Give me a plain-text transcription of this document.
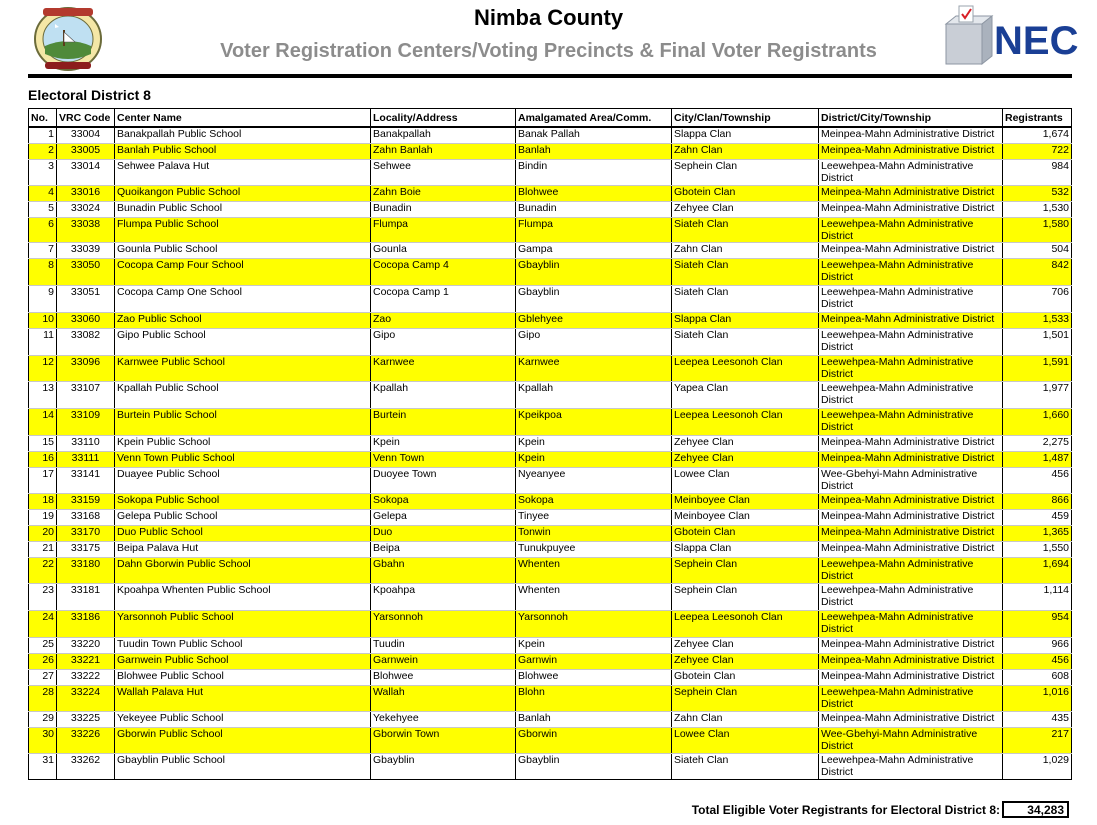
NEC
Nimba County
Voter Registration Centers/Voting Precincts & Final Voter Registrants
Electoral District 8
No.	VRC Code	Center Name	Locality/Address	Amalgamated Area/Comm.	City/Clan/Township	District/City/Township	Registrants
1	33004	Banakpallah Public School	Banakpallah	Banak Pallah	Slappa Clan	Meinpea-Mahn Administrative District	1,674
2	33005	Banlah Public School	Zahn Banlah	Banlah	Zahn Clan	Meinpea-Mahn Administrative District	722
3	33014	Sehwee Palava Hut	Sehwee	Bindin	Sephein Clan	Leewehpea-Mahn Administrative District	984
4	33016	Quoikangon Public School	Zahn Boie	Blohwee	Gbotein Clan	Meinpea-Mahn Administrative District	532
5	33024	Bunadin Public School	Bunadin	Bunadin	Zehyee Clan	Meinpea-Mahn Administrative District	1,530
6	33038	Flumpa Public School	Flumpa	Flumpa	Siateh Clan	Leewehpea-Mahn Administrative District	1,580
7	33039	Gounla Public School	Gounla	Gampa	Zahn Clan	Meinpea-Mahn Administrative District	504
8	33050	Cocopa Camp Four School	Cocopa Camp 4	Gbayblin	Siateh Clan	Leewehpea-Mahn Administrative District	842
9	33051	Cocopa Camp One School	Cocopa Camp 1	Gbayblin	Siateh Clan	Leewehpea-Mahn Administrative District	706
10	33060	Zao Public School	Zao	Gblehyee	Slappa Clan	Meinpea-Mahn Administrative District	1,533
11	33082	Gipo Public School	Gipo	Gipo	Siateh Clan	Leewehpea-Mahn Administrative District	1,501
12	33096	Karnwee Public School	Karnwee	Karnwee	Leepea Leesonoh Clan	Leewehpea-Mahn Administrative District	1,591
13	33107	Kpallah Public School	Kpallah	Kpallah	Yapea Clan	Leewehpea-Mahn Administrative District	1,977
14	33109	Burtein Public School	Burtein	Kpeikpoa	Leepea Leesonoh Clan	Leewehpea-Mahn Administrative District	1,660
15	33110	Kpein Public School	Kpein	Kpein	Zehyee Clan	Meinpea-Mahn Administrative District	2,275
16	33111	Venn Town Public School	Venn Town	Kpein	Zehyee Clan	Meinpea-Mahn Administrative District	1,487
17	33141	Duayee Public School	Duoyee Town	Nyeanyee	Lowee Clan	Wee-Gbehyi-Mahn Administrative District	456
18	33159	Sokopa Public School	Sokopa	Sokopa	Meinboyee Clan	Meinpea-Mahn Administrative District	866
19	33168	Gelepa Public School	Gelepa	Tinyee	Meinboyee Clan	Meinpea-Mahn Administrative District	459
20	33170	Duo Public School	Duo	Tonwin	Gbotein Clan	Meinpea-Mahn Administrative District	1,365
21	33175	Beipa Palava Hut	Beipa	Tunukpuyee	Slappa Clan	Meinpea-Mahn Administrative District	1,550
22	33180	Dahn Gborwin Public School	Gbahn	Whenten	Sephein Clan	Leewehpea-Mahn Administrative District	1,694
23	33181	Kpoahpa Whenten Public School	Kpoahpa	Whenten	Sephein Clan	Leewehpea-Mahn Administrative District	1,114
24	33186	Yarsonnoh Public School	Yarsonnoh	Yarsonnoh	Leepea Leesonoh Clan	Leewehpea-Mahn Administrative District	954
25	33220	Tuudin Town Public School	Tuudin	Kpein	Zehyee Clan	Meinpea-Mahn Administrative District	966
26	33221	Garnwein Public School	Garnwein	Garnwin	Zehyee Clan	Meinpea-Mahn Administrative District	456
27	33222	Blohwee Public School	Blohwee	Blohwee	Gbotein Clan	Meinpea-Mahn Administrative District	608
28	33224	Wallah Palava Hut	Wallah	Blohn	Sephein Clan	Leewehpea-Mahn Administrative District	1,016
29	33225	Yekeyee Public School	Yekehyee	Banlah	Zahn Clan	Meinpea-Mahn Administrative District	435
30	33226	Gborwin Public School	Gborwin Town	Gborwin	Lowee Clan	Wee-Gbehyi-Mahn Administrative District	217
31	33262	Gbayblin Public School	Gbayblin	Gbayblin	Siateh Clan	Leewehpea-Mahn Administrative District	1,029
Total Eligible Voter Registrants for Electoral District 8:	34,283
